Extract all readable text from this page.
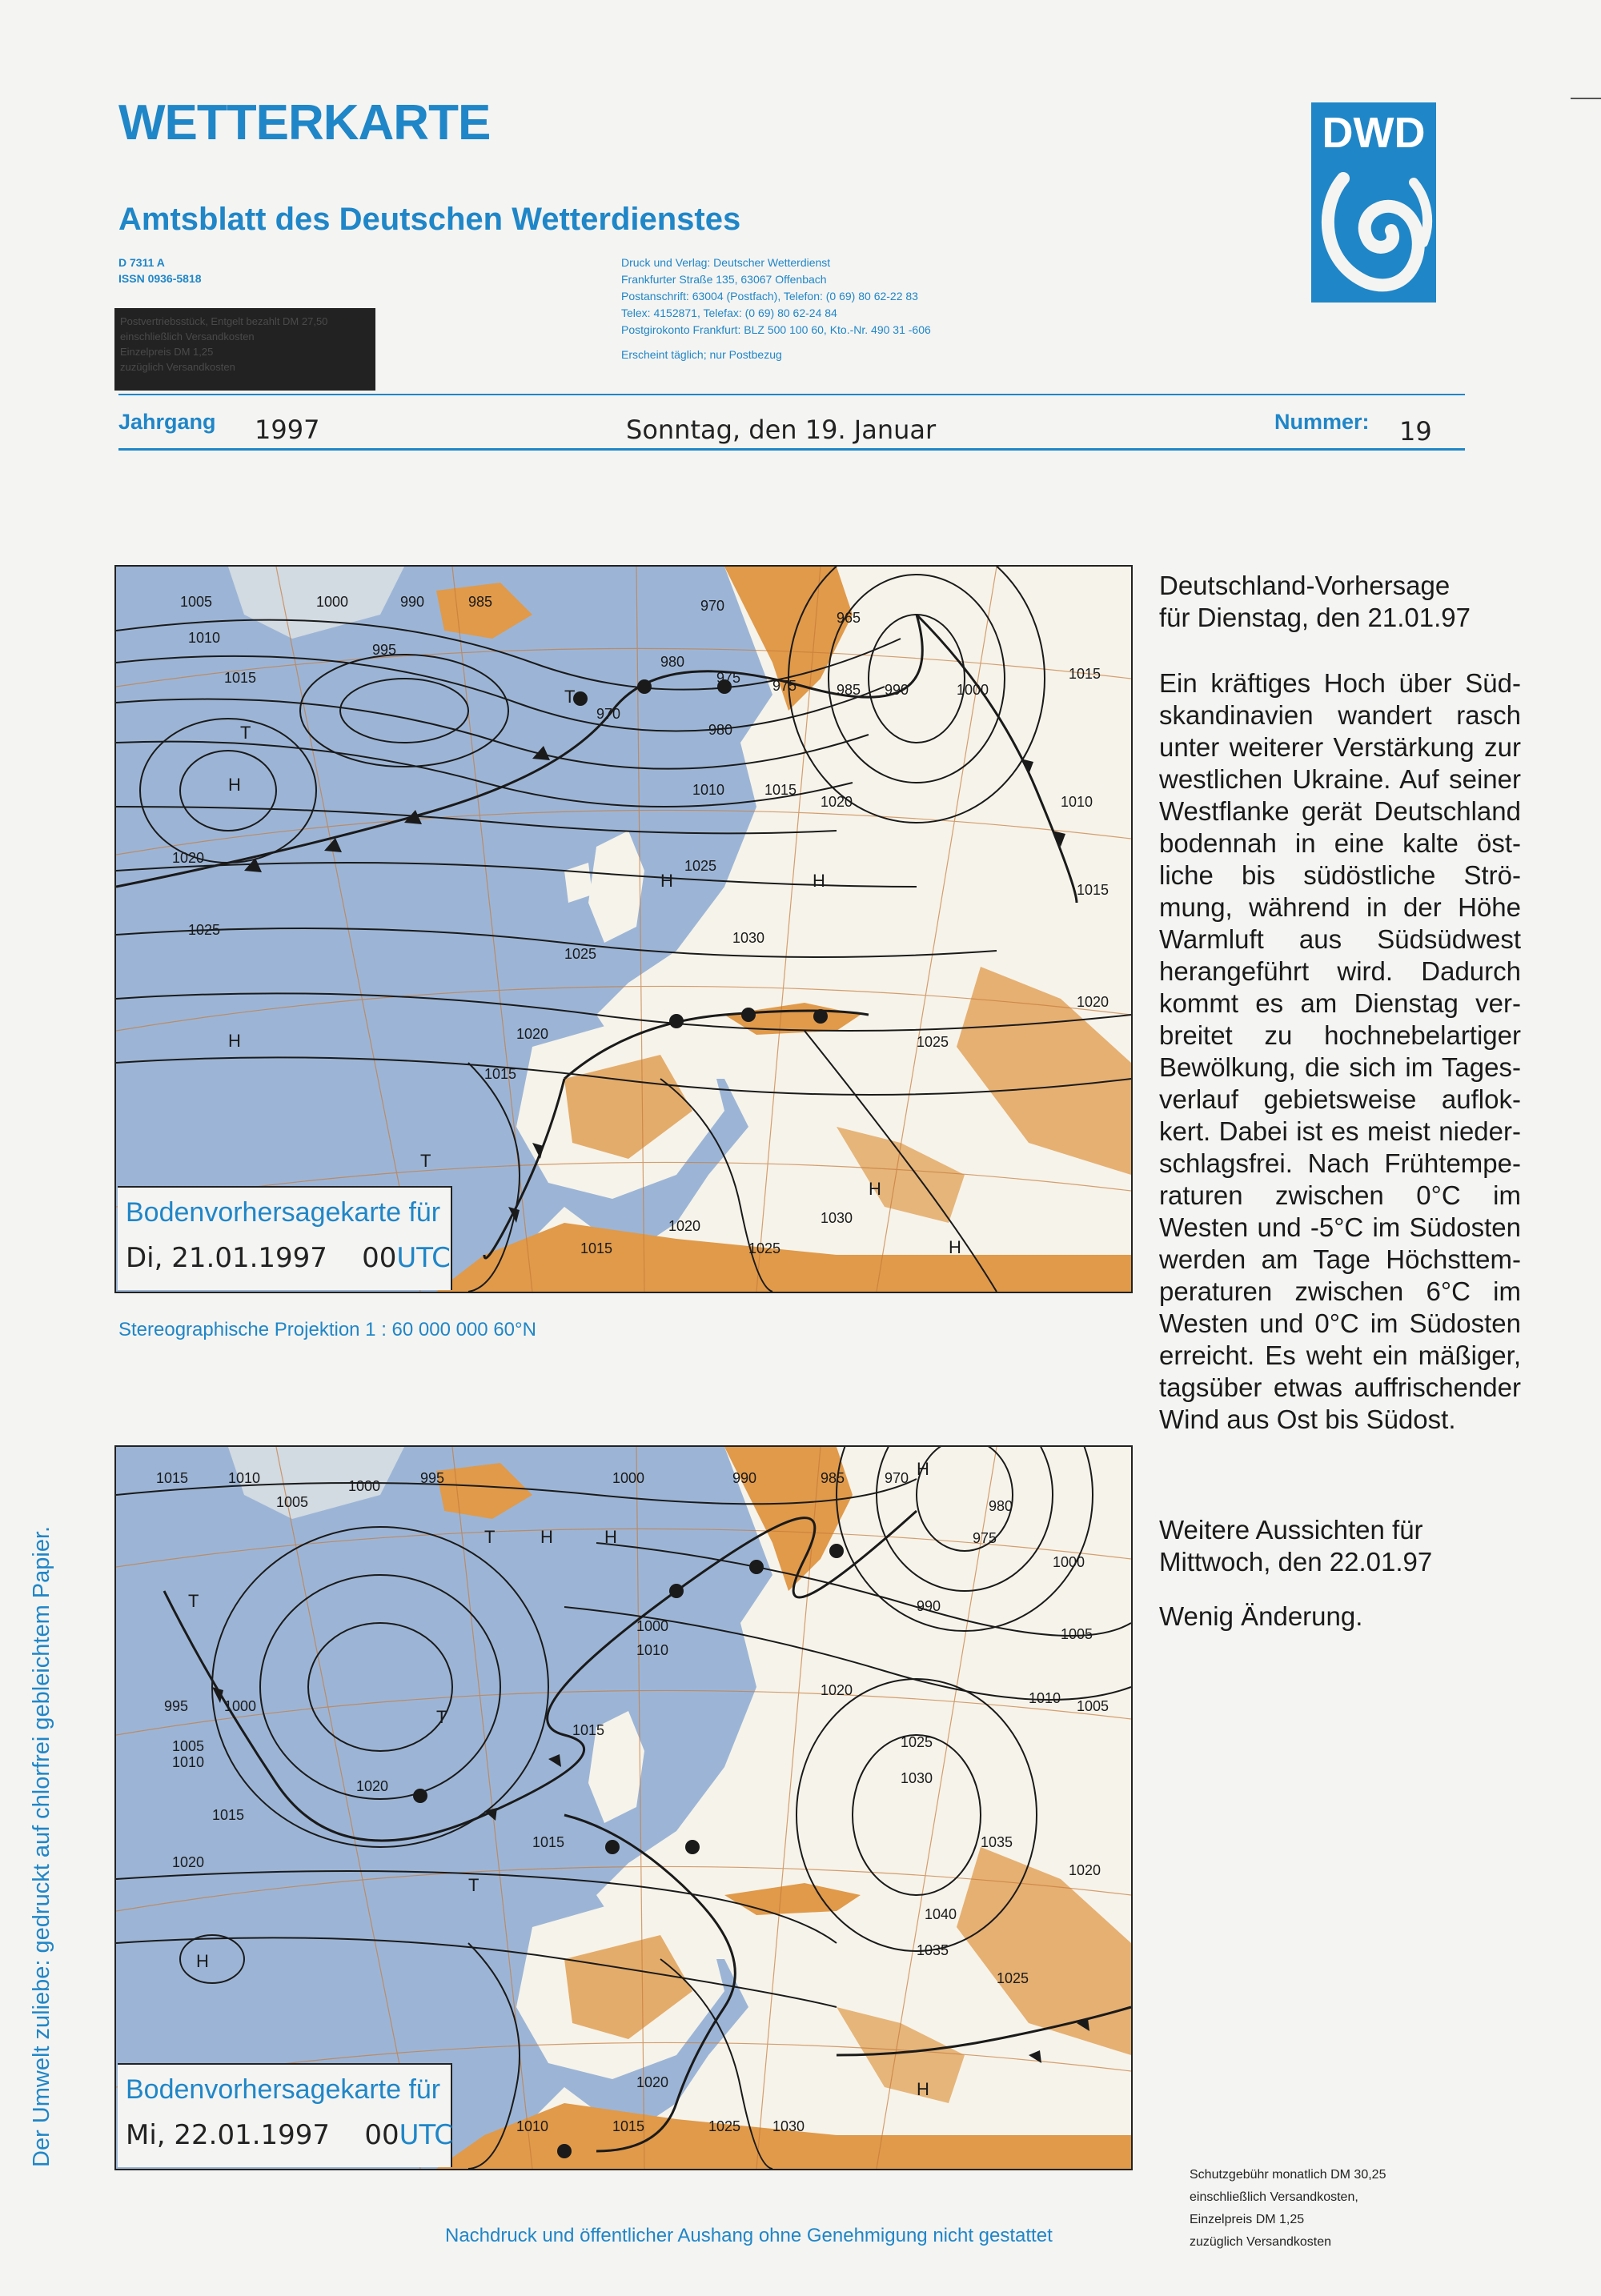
WETTERKARTE
Amtsblatt des Deutschen Wetterdienstes
D 7311 A
ISSN 0936-5818
Postvertriebsstück, Entgelt bezahlt DM 27,50
einschließlich Versandkosten
Einzelpreis DM 1,25
zuzüglich Versandkosten
Druck und Verlag: Deutscher Wetterdienst
Frankfurter Straße 135, 63067 Offenbach
Postanschrift: 63004 (Postfach), Telefon: (0 69) 80 62-22 83
Telex: 4152871, Telefax: (0 69) 80 62-24 84
Postgirokonto Frankfurt: BLZ 500 100 60, Kto.-Nr. 490 31 -606
Erscheint täglich; nur Postbezug
DWD
Jahrgang 1997	Sonntag, den 19. Januar	Nummer: 19
1005	1000	990	985	970
965
1010
995
980
975 975	985 990	1000
1015
1015
970
980
1010	1015
1020	1010
1020	1025
1015
1025	1030
1025
1020
1020
1015
1025
1030
1020
1015	1025
T
T
H
H	H
H
T
H
H
Bodenvorhersagekarte für
Di, 21.01.1997 00UTC
Stereographische Projektion 1 : 60 000 000 60°N
1015	1010
1005
1000	995	1000	990	985	970
980
975
990
1000
1005
1010 1005
1000
1010
1015
1020
995 1000
1005
1010
1015
1020
1015
1020
1025
1030
1035
1040
1035
1025
1020
1020
1010	1015	1025 1030
T
T	H	H
T
H
T
H
H
Bodenvorhersagekarte für
Mi, 22.01.1997 00UTC
Deutschland-Vorhersage
für Dienstag, den 21.01.97
Ein kräftiges Hoch über Südskandinavien wandert rasch unter weiterer Verstärkung zur westlichen Ukraine. Auf seiner Westflanke gerät Deutschland bodennah in eine kalte östliche bis südöstliche Strömung, während in der Höhe Warmluft aus Südsüdwest herangeführt wird. Dadurch kommt es am Dienstag verbreitet zu hochnebelartiger Bewölkung, die sich im Tagesverlauf gebietsweise auflokkert. Dabei ist es meist niederschlagsfrei. Nach Frühtemperaturen zwischen 0°C im Westen und -5°C im Südosten werden am Tage Höchsttemperaturen zwischen 6°C im Westen und 0°C im Südosten erreicht. Es weht ein mäßiger, tagsüber etwas auffrischender Wind aus Ost bis Südost.
Weitere Aussichten für
Mittwoch, den 22.01.97
Wenig Änderung.
Der Umwelt zuliebe: gedruckt auf chlorfrei gebleichtem Papier.
Schutzgebühr monatlich DM 30,25
einschließlich Versandkosten,
Einzelpreis DM 1,25
zuzüglich Versandkosten
Nachdruck und öffentlicher Aushang ohne Genehmigung nicht gestattet
